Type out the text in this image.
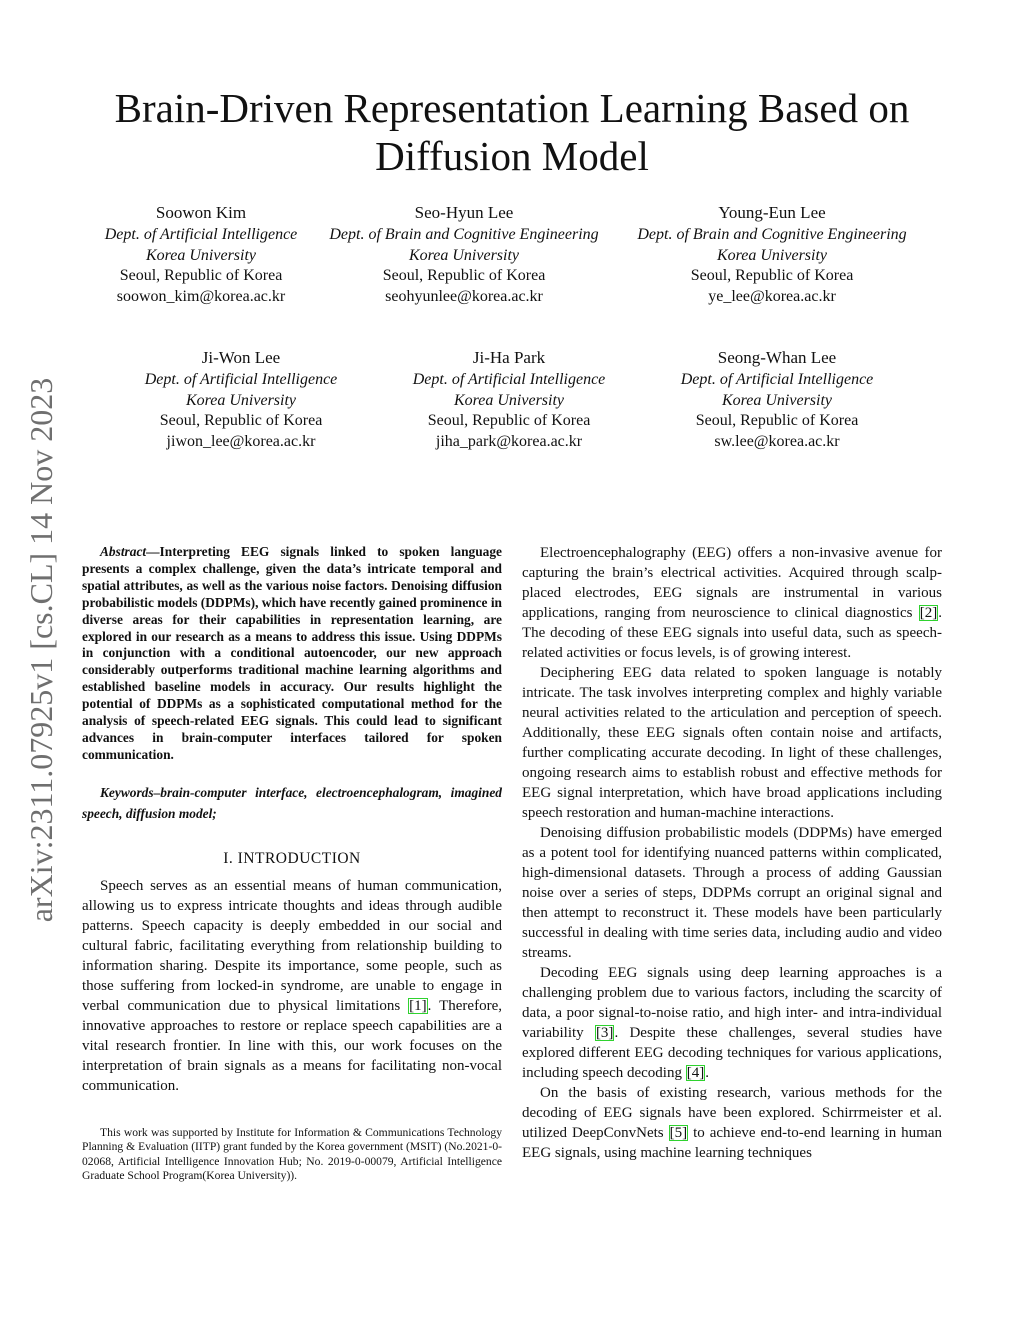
arXiv:2311.07925v1 [cs.CL] 14 Nov 2023
Brain-Driven Representation Learning Based on Diffusion Model
Soowon Kim
Dept. of Artificial Intelligence
Korea University
Seoul, Republic of Korea
soowon_kim@korea.ac.kr
Seo-Hyun Lee
Dept. of Brain and Cognitive Engineering
Korea University
Seoul, Republic of Korea
seohyunlee@korea.ac.kr
Young-Eun Lee
Dept. of Brain and Cognitive Engineering
Korea University
Seoul, Republic of Korea
ye_lee@korea.ac.kr
Ji-Won Lee
Dept. of Artificial Intelligence
Korea University
Seoul, Republic of Korea
jiwon_lee@korea.ac.kr
Ji-Ha Park
Dept. of Artificial Intelligence
Korea University
Seoul, Republic of Korea
jiha_park@korea.ac.kr
Seong-Whan Lee
Dept. of Artificial Intelligence
Korea University
Seoul, Republic of Korea
sw.lee@korea.ac.kr

Abstract—Interpreting EEG signals linked to spoken language presents a complex challenge, given the data’s intricate temporal and spatial attributes, as well as the various noise factors. Denoising diffusion probabilistic models (DDPMs), which have recently gained prominence in diverse areas for their capabilities in representation learning, are explored in our research as a means to address this issue. Using DDPMs in conjunction with a conditional autoencoder, our new approach considerably outperforms traditional machine learning algorithms and established baseline models in accuracy. Our results highlight the potential of DDPMs as a sophisticated computational method for the analysis of speech-related EEG signals. This could lead to significant advances in brain-computer interfaces tailored for spoken communication.

Keywords–brain-computer interface, electroencephalogram, imagined speech, diffusion model;

I. INTRODUCTION

Speech serves as an essential means of human communication, allowing us to express intricate thoughts and ideas through audible patterns. Speech capacity is deeply embedded in our social and cultural fabric, facilitating everything from relationship building to information sharing. Despite its importance, some people, such as those suffering from locked-in syndrome, are unable to engage in verbal communication due to physical limitations [1]. Therefore, innovative approaches to restore or replace speech capabilities are a vital research frontier. In line with this, our work focuses on the interpretation of brain signals as a means for facilitating non-vocal communication.

This work was supported by Institute for Information & Communications Technology Planning & Evaluation (IITP) grant funded by the Korea government (MSIT) (No.2021-0-02068, Artificial Intelligence Innovation Hub; No. 2019-0-00079, Artificial Intelligence Graduate School Program(Korea University)).

Electroencephalography (EEG) offers a non-invasive avenue for capturing the brain’s electrical activities. Acquired through scalp-placed electrodes, EEG signals are instrumental in various applications, ranging from neuroscience to clinical diagnostics [2]. The decoding of these EEG signals into useful data, such as speech-related activities or focus levels, is of growing interest.

Deciphering EEG data related to spoken language is notably intricate. The task involves interpreting complex and highly variable neural activities related to the articulation and perception of speech. Additionally, these EEG signals often contain noise and artifacts, further complicating accurate decoding. In light of these challenges, ongoing research aims to establish robust and effective methods for EEG signal interpretation, which have broad applications including speech restoration and human-machine interactions.

Denoising diffusion probabilistic models (DDPMs) have emerged as a potent tool for identifying nuanced patterns within complicated, high-dimensional datasets. Through a process of adding Gaussian noise over a series of steps, DDPMs corrupt an original signal and then attempt to reconstruct it. These models have been particularly successful in dealing with time series data, including audio and video streams.

Decoding EEG signals using deep learning approaches is a challenging problem due to various factors, including the scarcity of data, a poor signal-to-noise ratio, and high inter- and intra-individual variability [3]. Despite these challenges, several studies have explored different EEG decoding techniques for various applications, including speech decoding [4].

On the basis of existing research, various methods for the decoding of EEG signals have been explored. Schirrmeister et al. utilized DeepConvNets [5] to achieve end-to-end learning in human EEG signals, using machine learning techniques
